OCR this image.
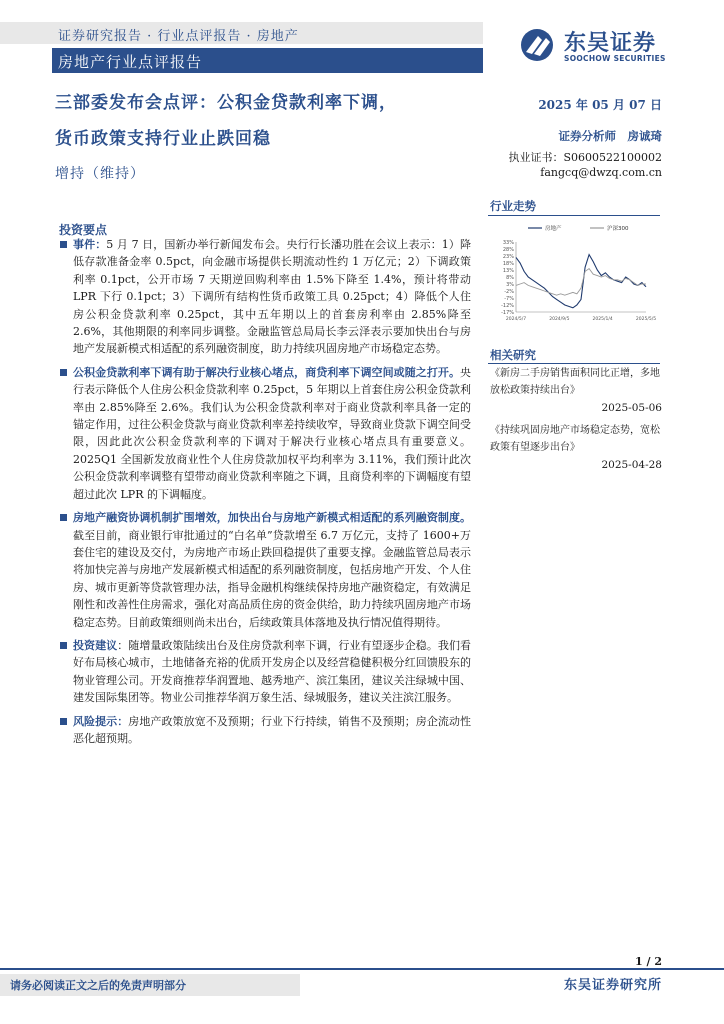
证券研究报告 · 行业点评报告 · 房地产
房地产行业点评报告
东吴证券
SOOCHOW SECURITIES
三部委发布会点评：公积金贷款利率下调，
货币政策支持行业止跌回稳
增持（维持）
2025 年 05 月 07 日
证券分析师　房诚琦
执业证书：S0600522100002
fangcq@dwzq.com.cn
投资要点

事件：5 月 7 日，国新办举行新闻发布会。央行行长潘功胜在会议上表示：1）降低存款准备金率 0.5pct，向金融市场提供长期流动性约 1 万亿元；2）下调政策利率 0.1pct，公开市场 7 天期逆回购利率由 1.5%下降至 1.4%，预计将带动 LPR 下行 0.1pct；3）下调所有结构性货币政策工具 0.25pct；4）降低个人住房公积金贷款利率 0.25pct，其中五年期以上的首套房利率由 2.85%降至 2.6%，其他期限的利率同步调整。金融监管总局局长李云泽表示要加快出台与房地产发展新模式相适配的系列融资制度，助力持续巩固房地产市场稳定态势。

公积金贷款利率下调有助于解决行业核心堵点，商贷利率下调空间或随之打开。央行表示降低个人住房公积金贷款利率 0.25pct，5 年期以上首套住房公积金贷款利率由 2.85%降至 2.6%。我们认为公积金贷款利率对于商业贷款利率具备一定的锚定作用，过往公积金贷款与商业贷款利率差持续收窄，导致商业贷款下调空间受限，因此此次公积金贷款利率的下调对于解决行业核心堵点具有重要意义。2025Q1 全国新发放商业性个人住房贷款加权平均利率为 3.11%，我们预计此次公积金贷款利率调整有望带动商业贷款利率随之下调，且商贷利率的下调幅度有望超过此次 LPR 的下调幅度。

房地产融资协调机制扩围增效，加快出台与房地产新模式相适配的系列融资制度。截至目前，商业银行审批通过的“白名单”贷款增至 6.7 万亿元，支持了 1600+万套住宅的建设及交付，为房地产市场止跌回稳提供了重要支撑。金融监管总局表示将加快完善与房地产发展新模式相适配的系列融资制度，包括房地产开发、个人住房、城市更新等贷款管理办法，指导金融机构继续保持房地产融资稳定，有效满足刚性和改善性住房需求，强化对高品质住房的资金供给，助力持续巩固房地产市场稳定态势。目前政策细则尚未出台，后续政策具体落地及执行情况值得期待。

投资建议：随增量政策陆续出台及住房贷款利率下调，行业有望逐步企稳。我们看好布局核心城市，土地储备充裕的优质开发房企以及经营稳健积极分红回馈股东的物业管理公司。开发商推荐华润置地、越秀地产、滨江集团，建议关注绿城中国、建发国际集团等。物业公司推荐华润万象生活、绿城服务，建议关注滨江服务。

风险提示：房地产政策放宽不及预期；行业下行持续，销售不及预期；房企流动性恶化超预期。

行业走势
33%
28%
23%
18%
13%
8%
3%
-2%
-7%
-12%
-17%
2024/5/7	2024/9/5	2025/1/4	2025/5/5
房地产	沪深300
相关研究
《新房二手房销售面积同比正增，多地放松政策持续出台》
2025-05-06
《持续巩固房地产市场稳定态势，宽松政策有望逐步出台》
2025-04-28
1 / 2
请务必阅读正文之后的免责声明部分	东吴证券研究所
